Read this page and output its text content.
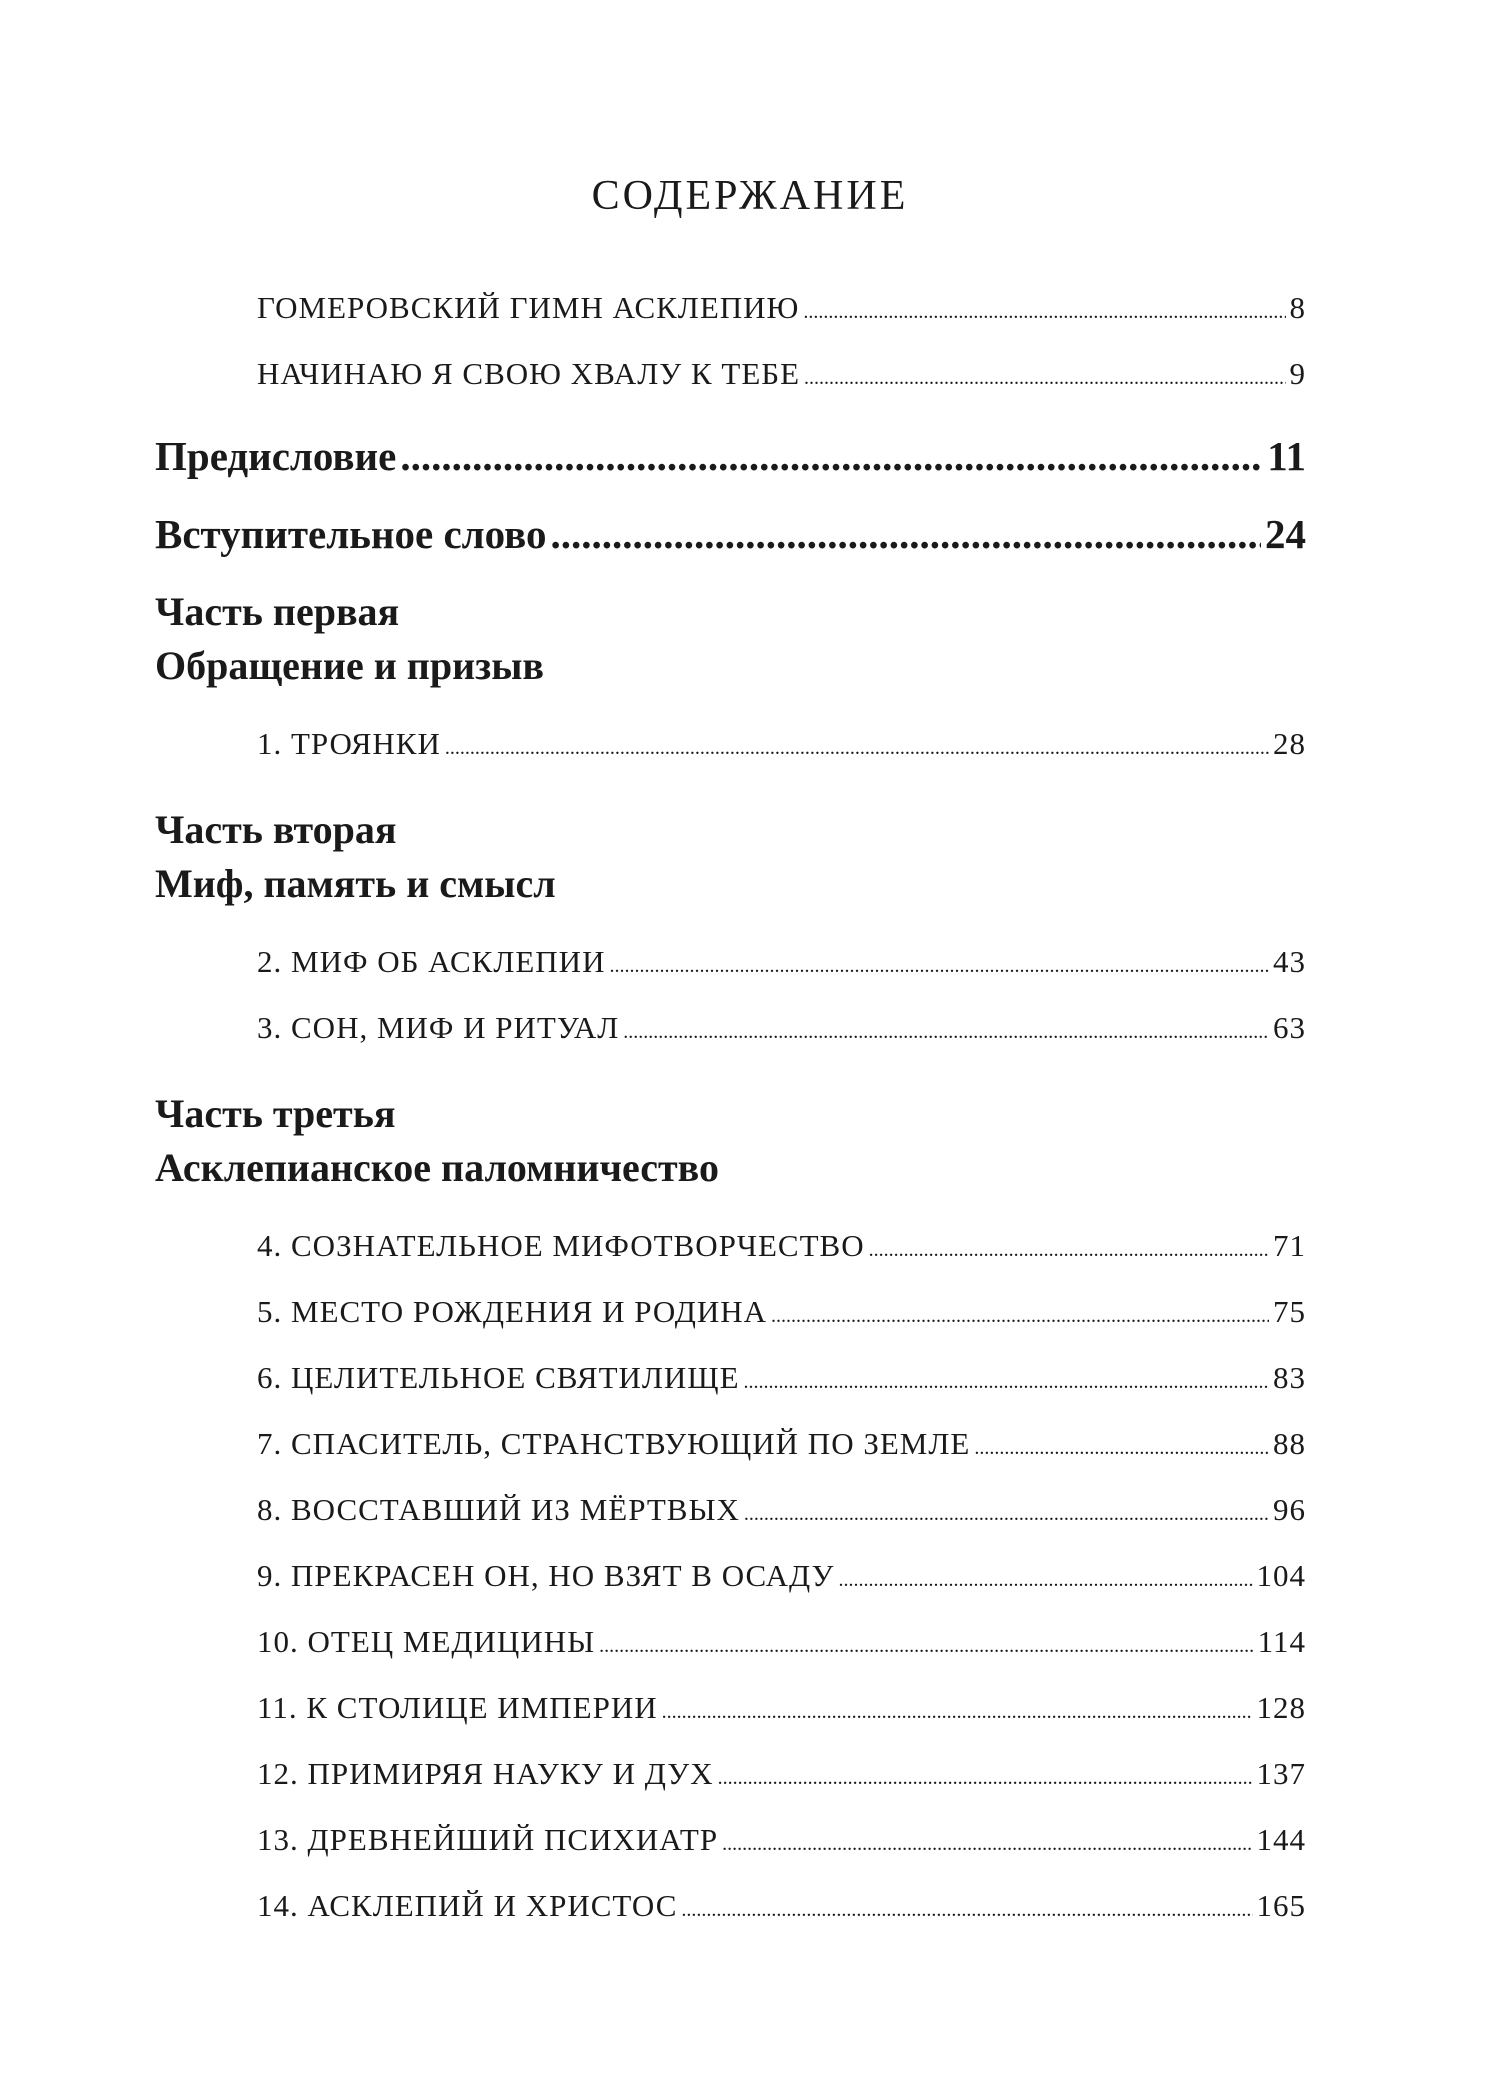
СОДЕРЖАНИЕ
ГОМЕРОВСКИЙ ГИМН АСКЛЕПИЮ .....	8
НАЧИНАЮ Я СВОЮ ХВАЛУ К ТЕБЕ .....	9
Предисловие .....	11
Вступительное слово .....	24
Часть первая
Обращение и призыв
1. ТРОЯНКИ .....	28
Часть вторая
Миф, память и смысл
2. МИФ ОБ АСКЛЕПИИ .....	43
3. СОН, МИФ И РИТУАЛ .....	63
Часть третья
Асклепианское паломничество
4. СОЗНАТЕЛЬНОЕ МИФОТВОРЧЕСТВО .....	71
5. МЕСТО РОЖДЕНИЯ И РОДИНА .....	75
6. ЦЕЛИТЕЛЬНОЕ СВЯТИЛИЩЕ .....	83
7. СПАСИТЕЛЬ, СТРАНСТВУЮЩИЙ ПО ЗЕМЛЕ .....	88
8. ВОССТАВШИЙ ИЗ МЁРТВЫХ .....	96
9. ПРЕКРАСЕН ОН, НО ВЗЯТ В ОСАДУ .....	104
10. ОТЕЦ МЕДИЦИНЫ .....	114
11. К СТОЛИЦЕ ИМПЕРИИ .....	128
12. ПРИМИРЯЯ НАУКУ И ДУХ .....	137
13. ДРЕВНЕЙШИЙ ПСИХИАТР .....	144
14. АСКЛЕПИЙ И ХРИСТОС .....	165
